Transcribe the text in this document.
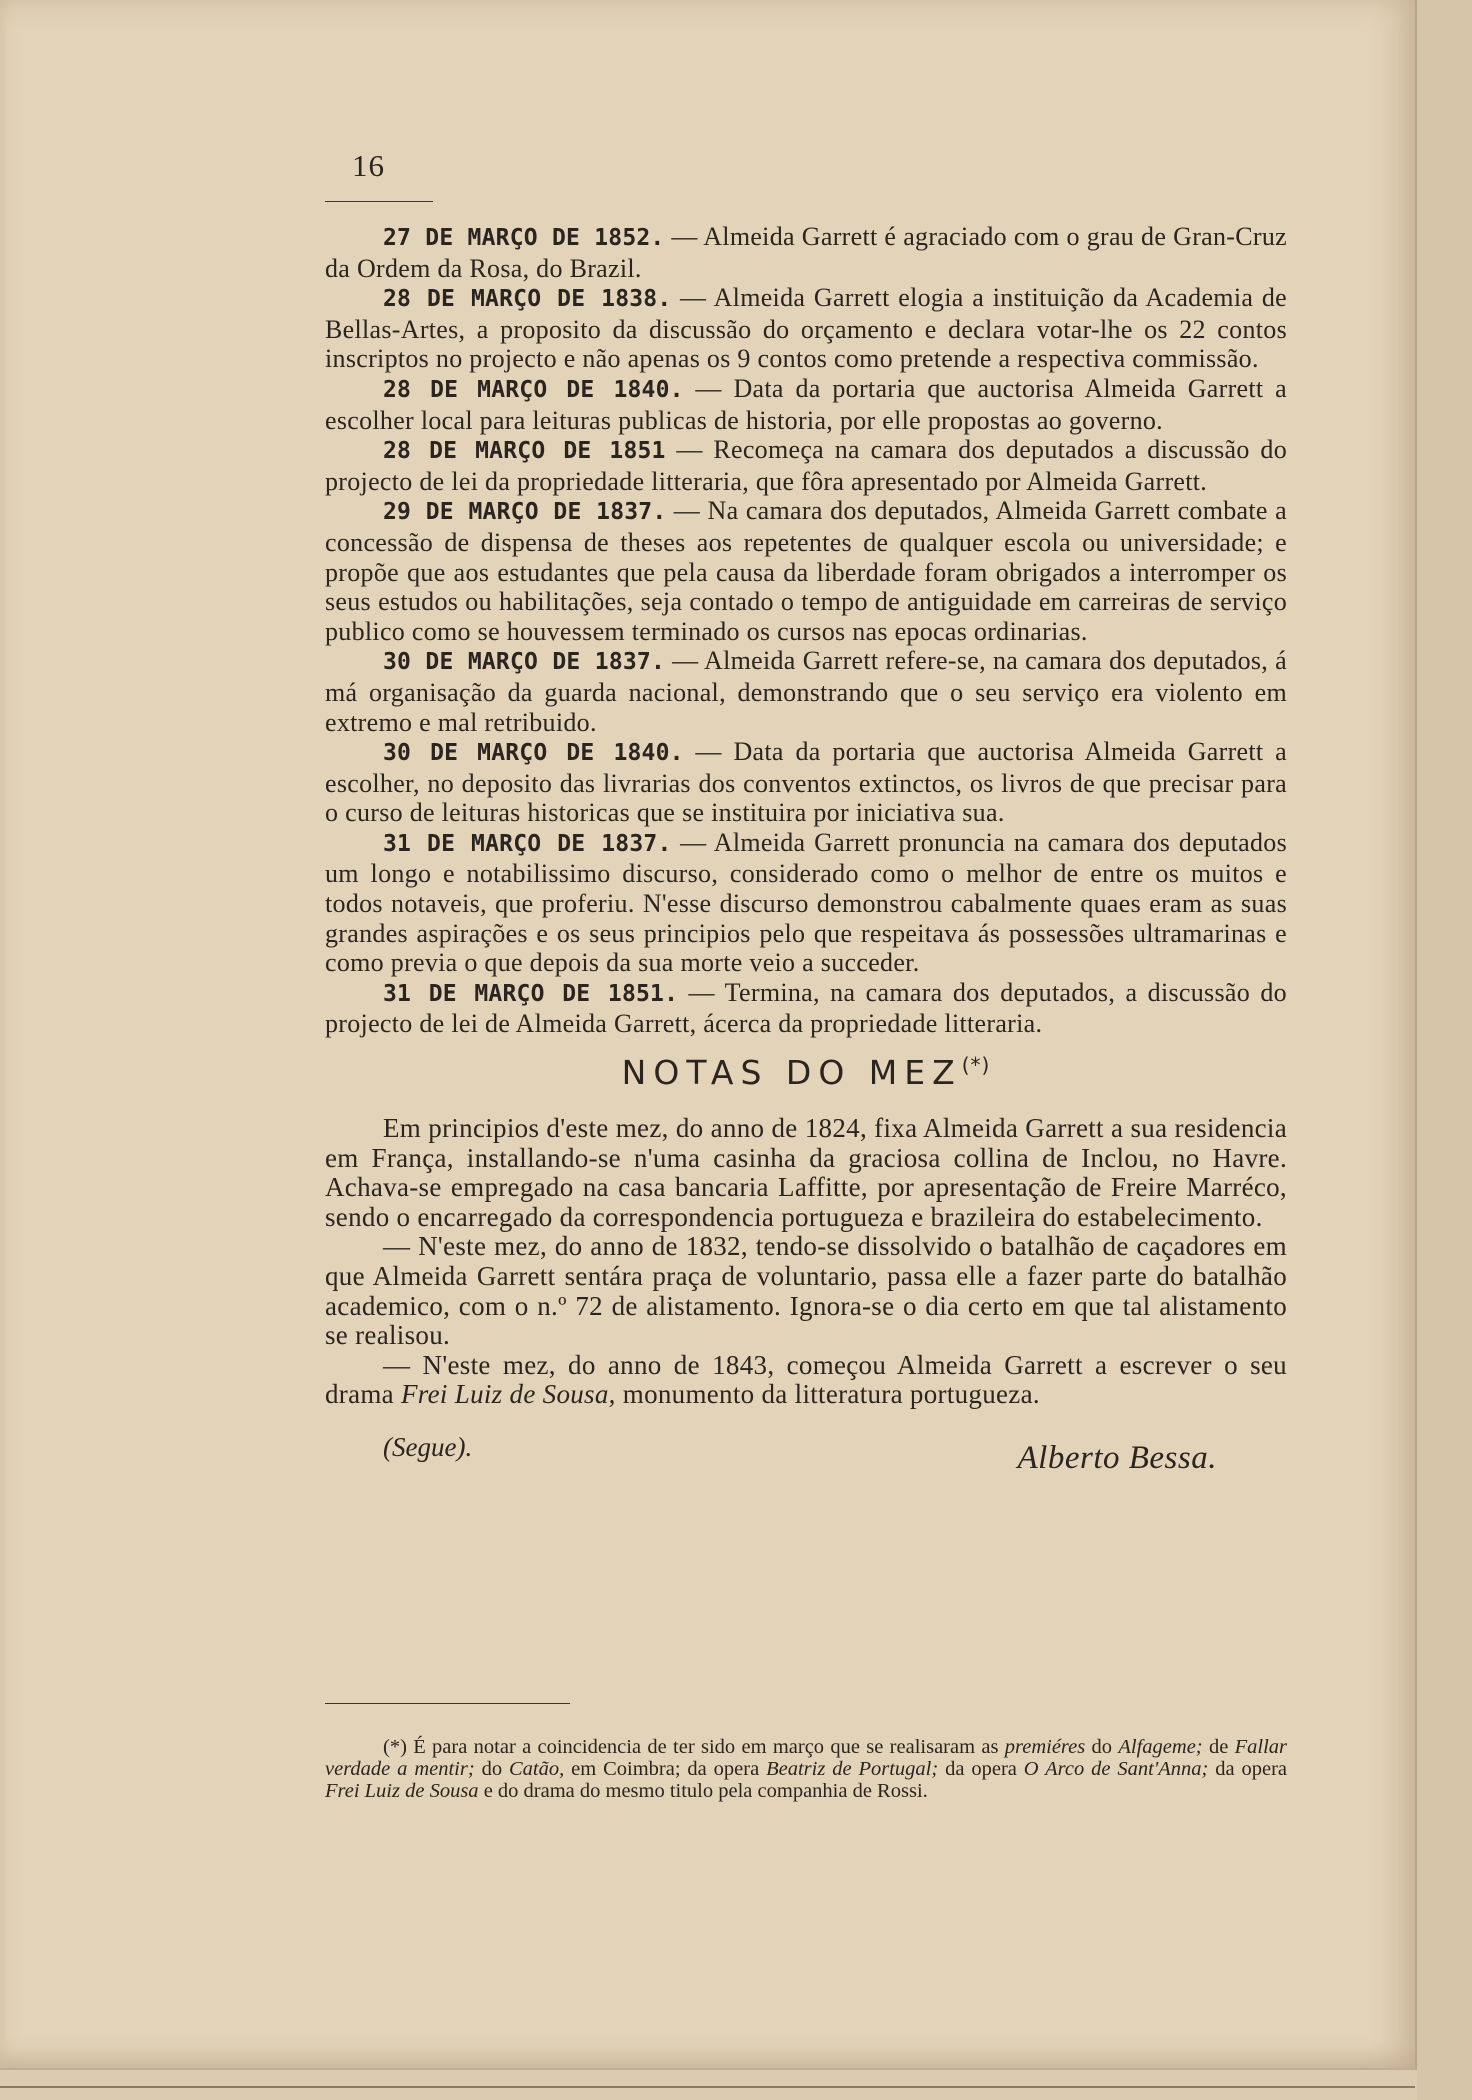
16

27 DE MARÇO DE 1852. — Almeida Garrett é agraciado com o grau de Gran-Cruz da Ordem da Rosa, do Brazil.

28 DE MARÇO DE 1838. — Almeida Garrett elogia a instituição da Academia de Bellas-Artes, a proposito da discussão do orçamento e declara votar-lhe os 22 contos inscriptos no projecto e não apenas os 9 contos como pretende a respectiva commissão.

28 DE MARÇO DE 1840. — Data da portaria que auctorisa Almeida Garrett a escolher local para leituras publicas de historia, por elle propostas ao governo.

28 DE MARÇO DE 1851 — Recomeça na camara dos deputados a discussão do projecto de lei da propriedade litteraria, que fôra apresentado por Almeida Garrett.

29 DE MARÇO DE 1837. — Na camara dos deputados, Almeida Garrett combate a concessão de dispensa de theses aos repetentes de qualquer escola ou universidade; e propõe que aos estudantes que pela causa da liberdade foram obrigados a interromper os seus estudos ou habilitações, seja contado o tempo de antiguidade em carreiras de serviço publico como se houvessem terminado os cursos nas epocas ordinarias.

30 DE MARÇO DE 1837. — Almeida Garrett refere-se, na camara dos deputados, á má organisação da guarda nacional, demonstrando que o seu serviço era violento em extremo e mal retribuido.

30 DE MARÇO DE 1840. — Data da portaria que auctorisa Almeida Garrett a escolher, no deposito das livrarias dos conventos extinctos, os livros de que precisar para o curso de leituras historicas que se instituira por iniciativa sua.

31 DE MARÇO DE 1837. — Almeida Garrett pronuncia na camara dos deputados um longo e notabilissimo discurso, considerado como o melhor de entre os muitos e todos notaveis, que proferiu. N'esse discurso demonstrou cabalmente quaes eram as suas grandes aspirações e os seus principios pelo que respeitava ás possessões ultramarinas e como previa o que depois da sua morte veio a succeder.

31 DE MARÇO DE 1851. — Termina, na camara dos deputados, a discussão do projecto de lei de Almeida Garrett, ácerca da propriedade litteraria.

NOTAS DO MEZ(*)

Em principios d'este mez, do anno de 1824, fixa Almeida Garrett a sua residencia em França, installando-se n'uma casinha da graciosa collina de Inclou, no Havre. Achava-se empregado na casa bancaria Laffitte, por apresentação de Freire Marréco, sendo o encarregado da correspondencia portugueza e brazileira do estabelecimento.

— N'este mez, do anno de 1832, tendo-se dissolvido o batalhão de caçadores em que Almeida Garrett sentára praça de voluntario, passa elle a fazer parte do batalhão academico, com o n.º 72 de alistamento. Ignora-se o dia certo em que tal alistamento se realisou.

— N'este mez, do anno de 1843, começou Almeida Garrett a escrever o seu drama Frei Luiz de Sousa, monumento da litteratura portugueza.

(Segue).	Alberto Bessa.

(*) É para notar a coincidencia de ter sido em março que se realisaram as premiéres do Alfageme; de Fallar verdade a mentir; do Catão, em Coimbra; da opera Beatriz de Portugal; da opera O Arco de Sant'Anna; da opera Frei Luiz de Sousa e do drama do mesmo titulo pela companhia de Rossi.
